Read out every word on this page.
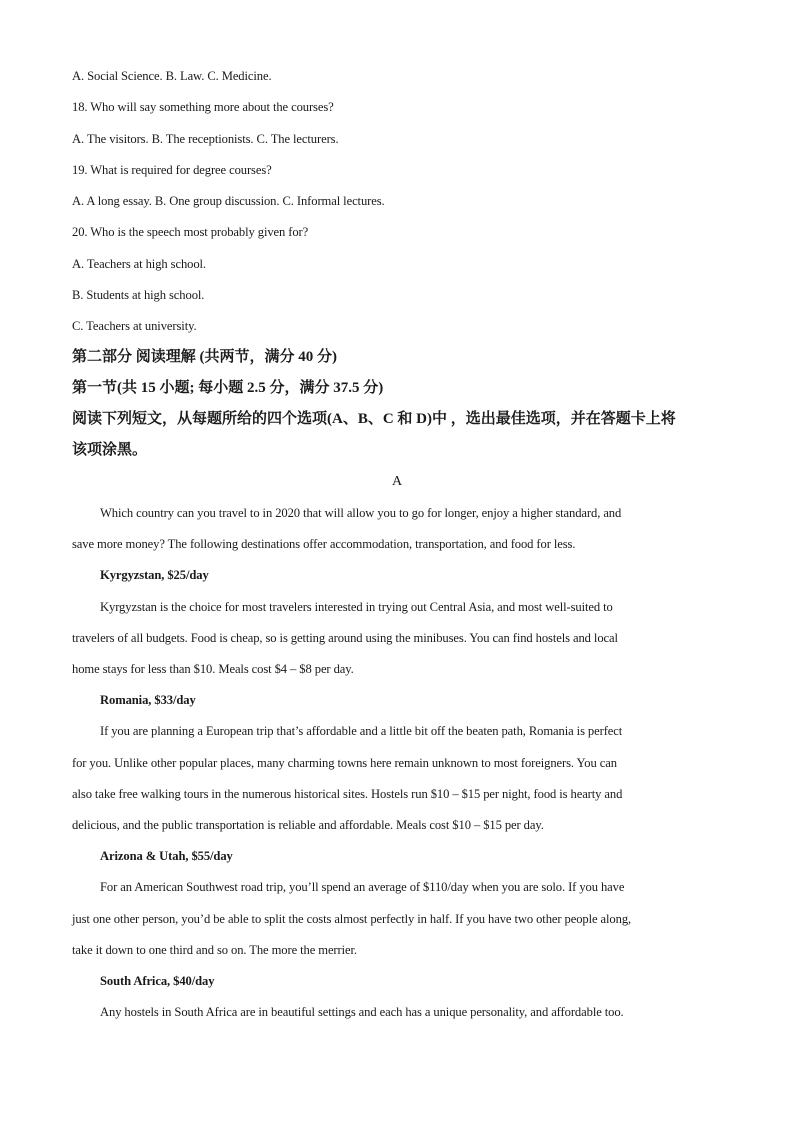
A. Social Science. B. Law. C. Medicine.
18. Who will say something more about the courses?
A. The visitors. B. The receptionists. C. The lecturers.
19. What is required for degree courses?
A. A long essay. B. One group discussion. C. Informal lectures.
20. Who is the speech most probably given for?
A. Teachers at high school.
B. Students at high school.
C. Teachers at university.
第二部分 阅读理解 (共两节，满分 40 分)
第一节(共 15 小题; 每小题 2.5 分，满分 37.5 分)
阅读下列短文，从每题所给的四个选项(A、B、C 和 D)中 ，选出最佳选项，并在答题卡上将
该项涂黑。
A
Which country can you travel to in 2020 that will allow you to go for longer, enjoy a higher standard, and
save more money? The following destinations offer accommodation, transportation, and food for less.
Kyrgyzstan, $25/day
Kyrgyzstan is the choice for most travelers interested in trying out Central Asia, and most well-suited to
travelers of all budgets. Food is cheap, so is getting around using the minibuses. You can find hostels and local
home stays for less than $10. Meals cost $4 – $8 per day.
Romania, $33/day
If you are planning a European trip that’s affordable and a little bit off the beaten path, Romania is perfect
for you. Unlike other popular places, many charming towns here remain unknown to most foreigners. You can
also take free walking tours in the numerous historical sites. Hostels run $10 – $15 per night, food is hearty and
delicious, and the public transportation is reliable and affordable. Meals cost $10 – $15 per day.
Arizona & Utah, $55/day
For an American Southwest road trip, you’ll spend an average of $110/day when you are solo. If you have
just one other person, you’d be able to split the costs almost perfectly in half. If you have two other people along,
take it down to one third and so on. The more the merrier.
South Africa, $40/day
Any hostels in South Africa are in beautiful settings and each has a unique personality, and affordable too.
